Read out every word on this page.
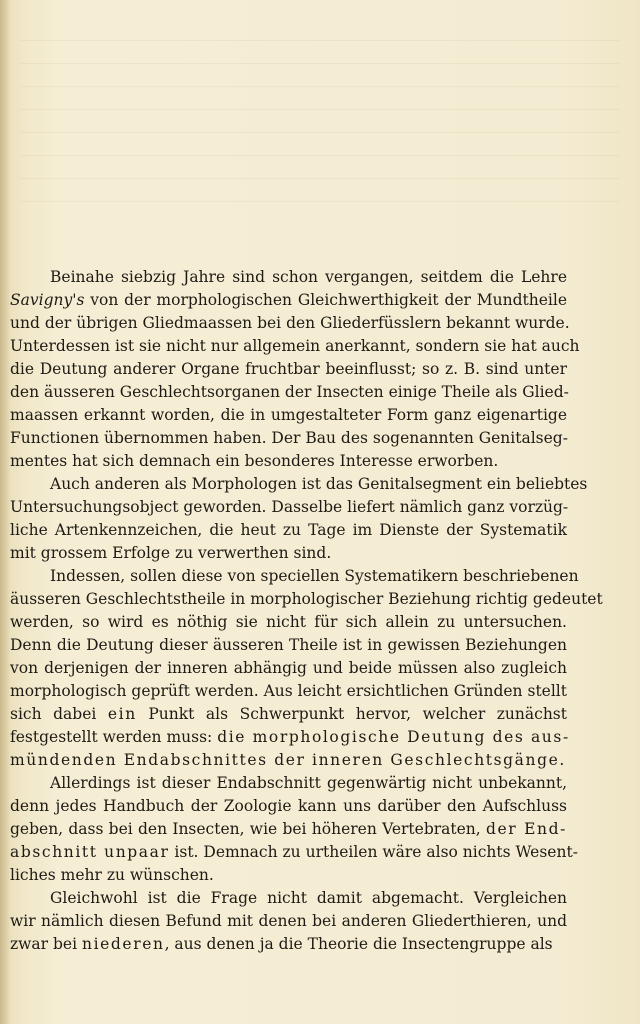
Beinahe siebzig Jahre sind schon vergangen, seitdem die Lehre
Savigny's von der morphologischen Gleichwerthigkeit der Mundtheile
und der übrigen Gliedmaassen bei den Gliederfüsslern bekannt wurde.
Unterdessen ist sie nicht nur allgemein anerkannt, sondern sie hat auch
die Deutung anderer Organe fruchtbar beeinflusst; so z. B. sind unter
den äusseren Geschlechtsorganen der Insecten einige Theile als Glied-
maassen erkannt worden, die in umgestalteter Form ganz eigenartige
Functionen übernommen haben. Der Bau des sogenannten Genitalseg-
mentes hat sich demnach ein besonderes Interesse erworben.
Auch anderen als Morphologen ist das Genitalsegment ein beliebtes
Untersuchungsobject geworden. Dasselbe liefert nämlich ganz vorzüg-
liche Artenkennzeichen, die heut zu Tage im Dienste der Systematik
mit grossem Erfolge zu verwerthen sind.
Indessen, sollen diese von speciellen Systematikern beschriebenen
äusseren Geschlechtstheile in morphologischer Beziehung richtig gedeutet
werden, so wird es nöthig sie nicht für sich allein zu untersuchen.
Denn die Deutung dieser äusseren Theile ist in gewissen Beziehungen
von derjenigen der inneren abhängig und beide müssen also zugleich
morphologisch geprüft werden. Aus leicht ersichtlichen Gründen stellt
sich dabei ein Punkt als Schwerpunkt hervor, welcher zunächst
festgestellt werden muss: die morphologische Deutung des aus-
mündenden Endabschnittes der inneren Geschlechtsgänge.
Allerdings ist dieser Endabschnitt gegenwärtig nicht unbekannt,
denn jedes Handbuch der Zoologie kann uns darüber den Aufschluss
geben, dass bei den Insecten, wie bei höheren Vertebraten, der End-
abschnitt unpaar ist. Demnach zu urtheilen wäre also nichts Wesent-
liches mehr zu wünschen.
Gleichwohl ist die Frage nicht damit abgemacht. Vergleichen
wir nämlich diesen Befund mit denen bei anderen Gliederthieren, und
zwar bei niederen, aus denen ja die Theorie die Insectengruppe als
